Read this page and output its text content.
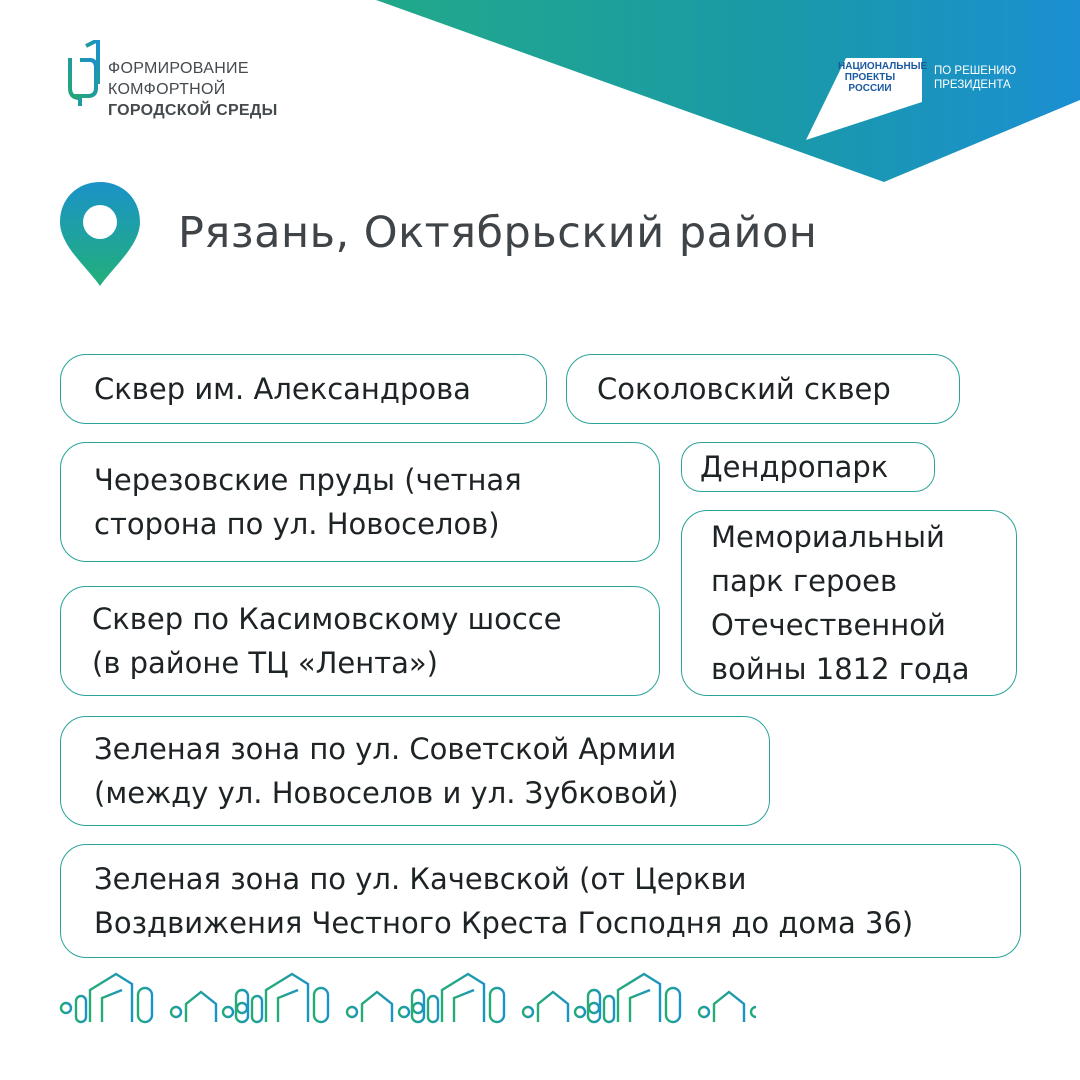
ФОРМИРОВАНИЕ
КОМФОРТНОЙ
ГОРОДСКОЙ СРЕДЫ
НАЦИОНАЛЬНЫЕ
ПРОЕКТЫ
РОССИИ
ПО РЕШЕНИЮ
ПРЕЗИДЕНТА
Рязань, Октябрьский район
Сквер им. Александрова	Соколовский сквер
Черезовские пруды (четная
сторона по ул. Новоселов)
Дендропарк
Мемориальный
парк героев
Отечественной
войны 1812 года
Сквер по Касимовскому шоссе
(в районе ТЦ «Лента»)
Зеленая зона по ул. Советской Армии
(между ул. Новоселов и ул. Зубковой)
Зеленая зона по ул. Качевской (от Церкви
Воздвижения Честного Креста Господня до дома 36)
